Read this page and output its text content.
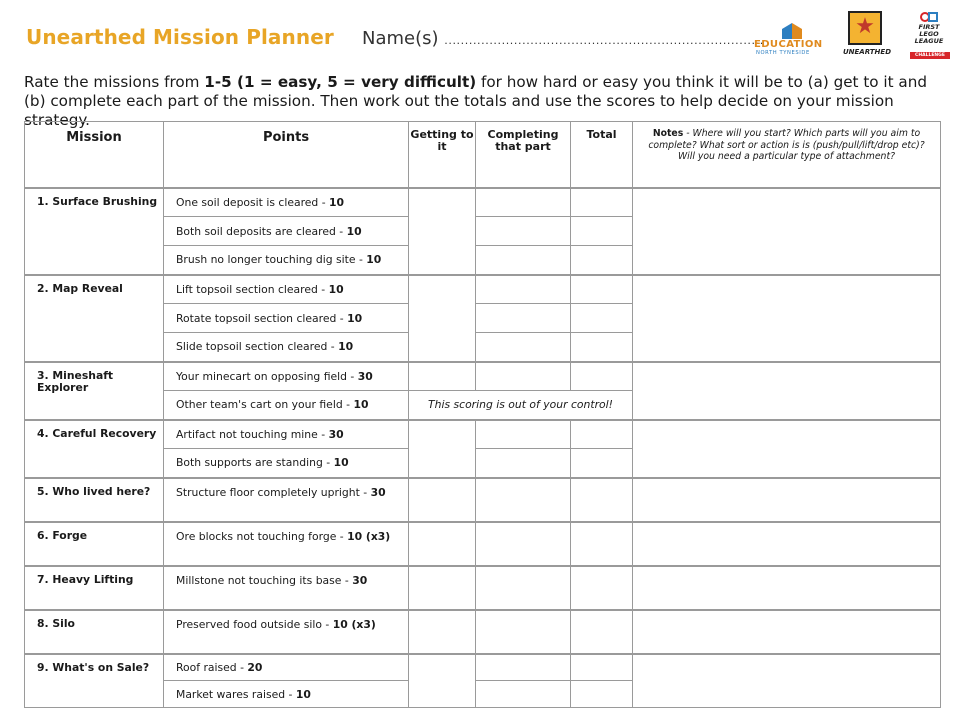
Unearthed Mission Planner Name(s) ..............................................................................
EDUCATION
NORTH TYNESIDE
★
UNEARTHED
FIRST
LEGO
LEAGUE
CHALLENGE
Rate the missions from 1-5 (1 = easy, 5 = very difficult) for how hard or easy you think it will be to (a) get to it and (b) complete each part of the mission. Then work out the totals and use the scores to help decide on your mission strategy.
Mission	Points	Getting to it	Completing that part	Total	Notes - Where will you start? Which parts will you aim to complete? What sort or action is is (push/pull/lift/drop etc)? Will you need a particular type of attachment?
1. Surface Brushing	One soil deposit is cleared - 10				
	Both soil deposits are cleared - 10				
	Brush no longer touching dig site - 10				
2. Map Reveal	Lift topsoil section cleared - 10				
	Rotate topsoil section cleared - 10				
	Slide topsoil section cleared - 10				
3. Mineshaft Explorer	Your minecart on opposing field - 30				
	Other team's cart on your field - 10	This scoring is out of your control!			
4. Careful Recovery	Artifact not touching mine - 30				
	Both supports are standing - 10				
5. Who lived here?	Structure floor completely upright - 30				
6. Forge	Ore blocks not touching forge - 10 (x3)				
7. Heavy Lifting	Millstone not touching its base - 30				
8. Silo	Preserved food outside silo - 10 (x3)				
9. What's on Sale?	Roof raised - 20				
	Market wares raised - 10				
